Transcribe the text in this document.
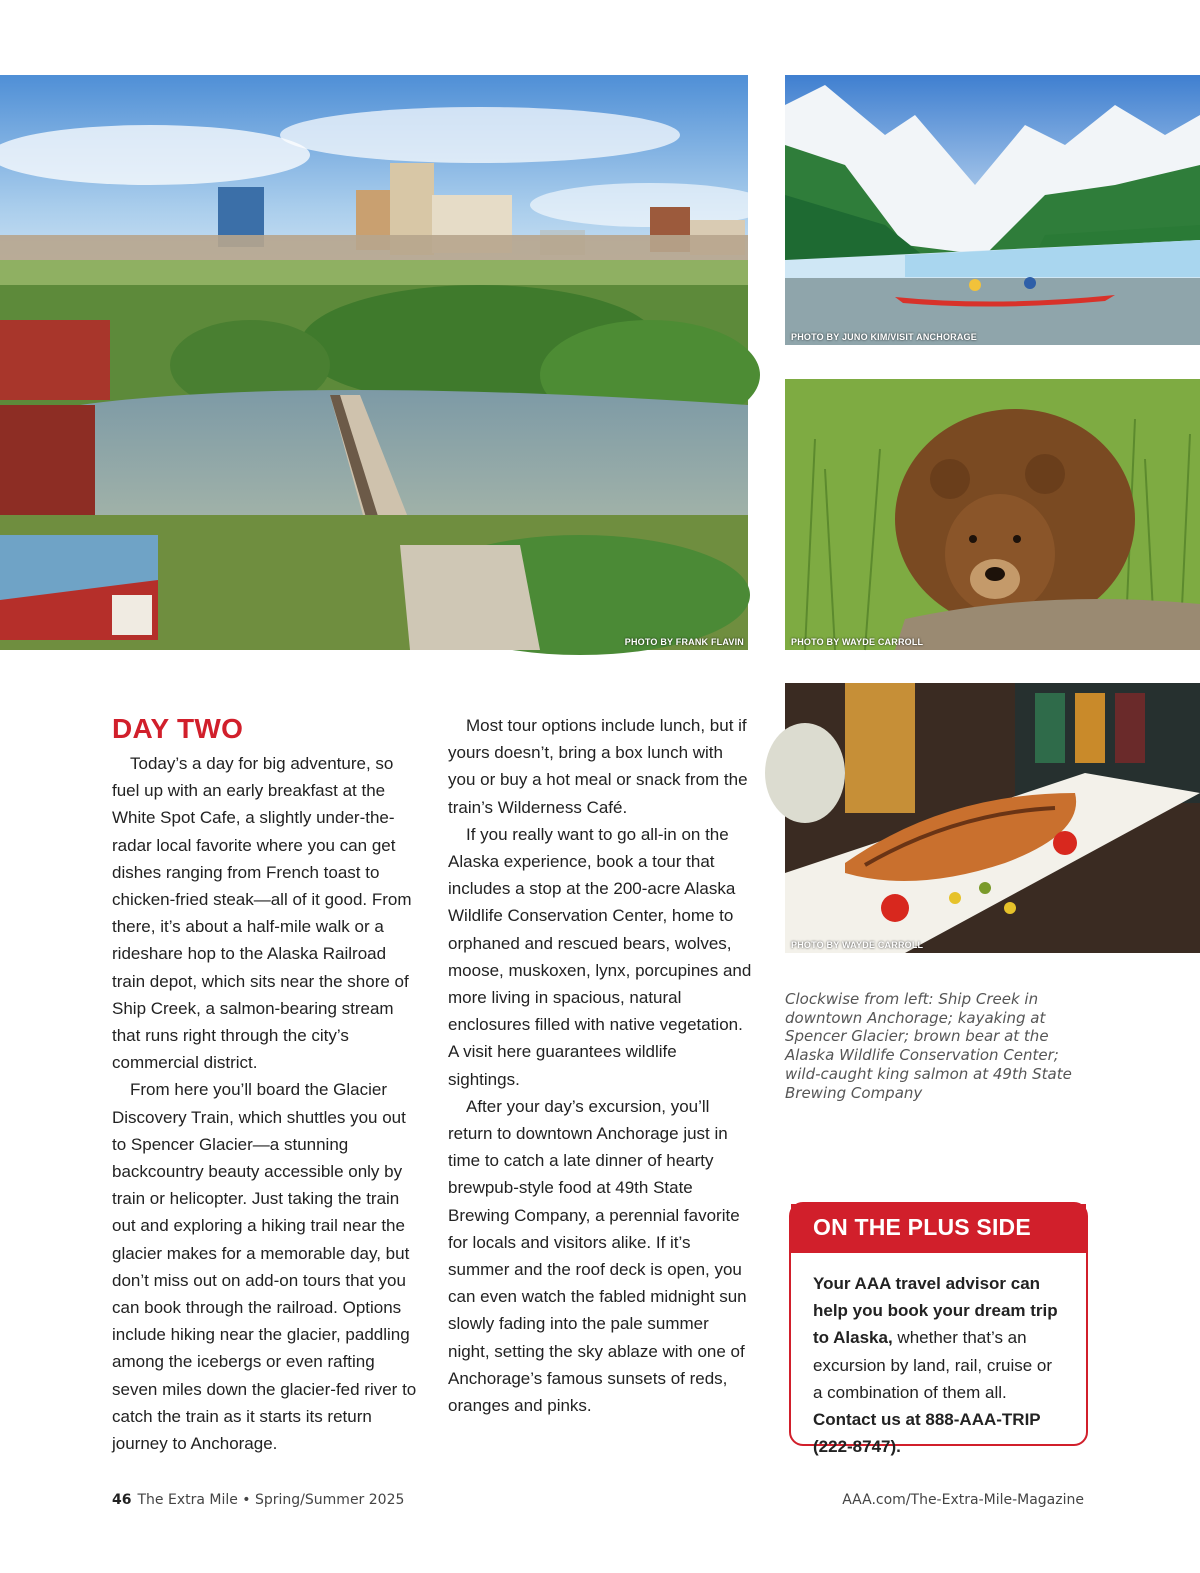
PHOTO BY FRANK FLAVIN
PHOTO BY JUNO KIM/VISIT ANCHORAGE
PHOTO BY WAYDE CARROLL
PHOTO BY WAYDE CARROLL
DAY TWO

Today’s a day for big adventure, so fuel up with an early breakfast at the White Spot Cafe, a slightly under-the-radar local favorite where you can get dishes ranging from French toast to chicken-fried steak—all of it good. From there, it’s about a half-mile walk or a rideshare hop to the Alaska Railroad train depot, which sits near the shore of Ship Creek, a salmon-bearing stream that runs right through the city’s commercial district.

From here you’ll board the Glacier Discovery Train, which shuttles you out to Spencer Glacier—a stunning backcountry beauty accessible only by train or helicopter. Just taking the train out and exploring a hiking trail near the glacier makes for a memorable day, but don’t miss out on add-on tours that you can book through the railroad. Options include hiking near the glacier, paddling among the icebergs or even rafting seven miles down the glacier-fed river to catch the train as it starts its return journey to Anchorage.

Most tour options include lunch, but if yours doesn’t, bring a box lunch with you or buy a hot meal or snack from the train’s Wilderness Café.

If you really want to go all-in on the Alaska experience, book a tour that includes a stop at the 200-acre Alaska Wildlife Conservation Center, home to orphaned and rescued bears, wolves, moose, muskoxen, lynx, porcupines and more living in spacious, natural enclosures filled with native vegetation. A visit here guarantees wildlife sightings.

After your day’s excursion, you’ll return to downtown Anchorage just in time to catch a late dinner of hearty brewpub-style food at 49th State Brewing Company, a perennial favorite for locals and visitors alike. If it’s summer and the roof deck is open, you can even watch the fabled midnight sun slowly fading into the pale summer night, setting the sky ablaze with one of Anchorage’s famous sunsets of reds, oranges and pinks.

Clockwise from left: Ship Creek in downtown Anchorage; kayaking at Spencer Glacier; brown bear at the Alaska Wildlife Conservation Center; wild-caught king salmon at 49th State Brewing Company
ON THE PLUS SIDE
Your AAA travel advisor can help you book your dream trip to Alaska, whether that’s an excursion by land, rail, cruise or a combination of them all. Contact us at 888-AAA-TRIP (222-8747).
46 The Extra Mile • Spring/Summer 2025	AAA.com/The-Extra-Mile-Magazine
